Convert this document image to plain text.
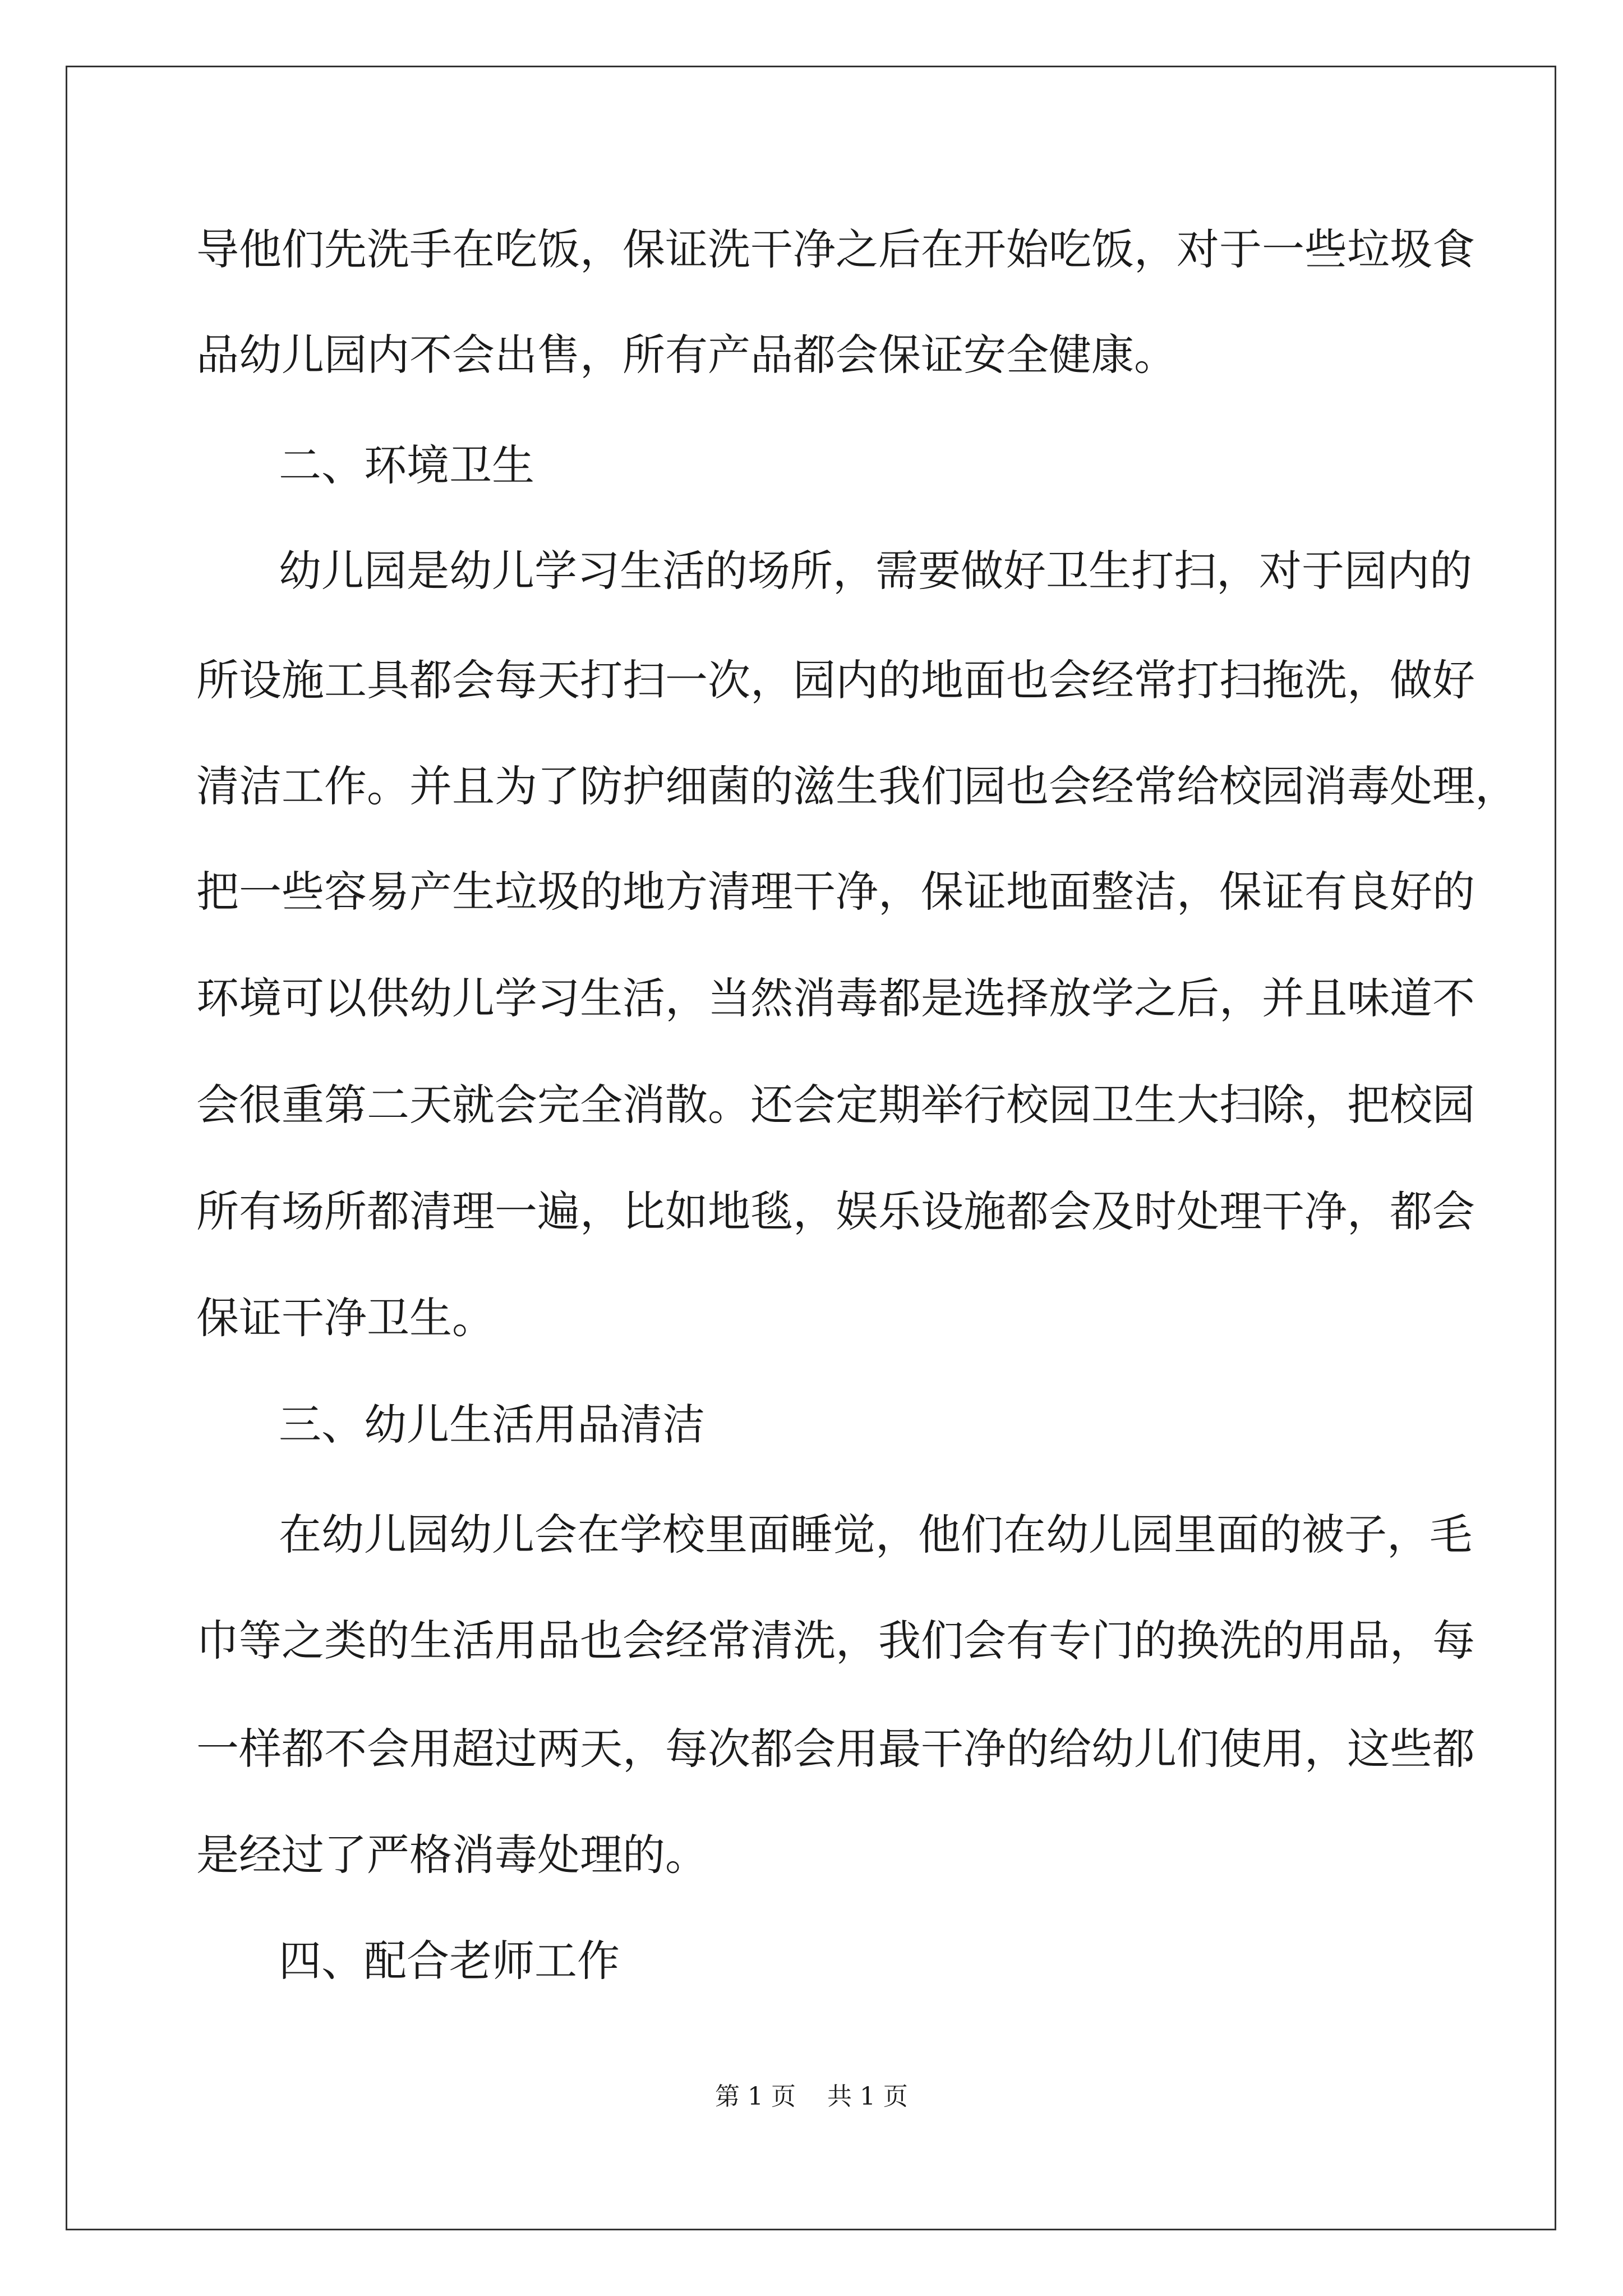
导他们先洗手在吃饭，保证洗干净之后在开始吃饭，对于一些垃圾食
品幼儿园内不会出售，所有产品都会保证安全健康。
二、环境卫生
幼儿园是幼儿学习生活的场所，需要做好卫生打扫，对于园内的
所设施工具都会每天打扫一次，园内的地面也会经常打扫拖洗，做好
清洁工作。并且为了防护细菌的滋生我们园也会经常给校园消毒处理，
把一些容易产生垃圾的地方清理干净，保证地面整洁，保证有良好的
环境可以供幼儿学习生活，当然消毒都是选择放学之后，并且味道不
会很重第二天就会完全消散。还会定期举行校园卫生大扫除，把校园
所有场所都清理一遍，比如地毯，娱乐设施都会及时处理干净，都会
保证干净卫生。
三、幼儿生活用品清洁
在幼儿园幼儿会在学校里面睡觉，他们在幼儿园里面的被子，毛
巾等之类的生活用品也会经常清洗，我们会有专门的换洗的用品，每
一样都不会用超过两天，每次都会用最干净的给幼儿们使用，这些都
是经过了严格消毒处理的。
四、配合老师工作
第 1 页    共 1 页
